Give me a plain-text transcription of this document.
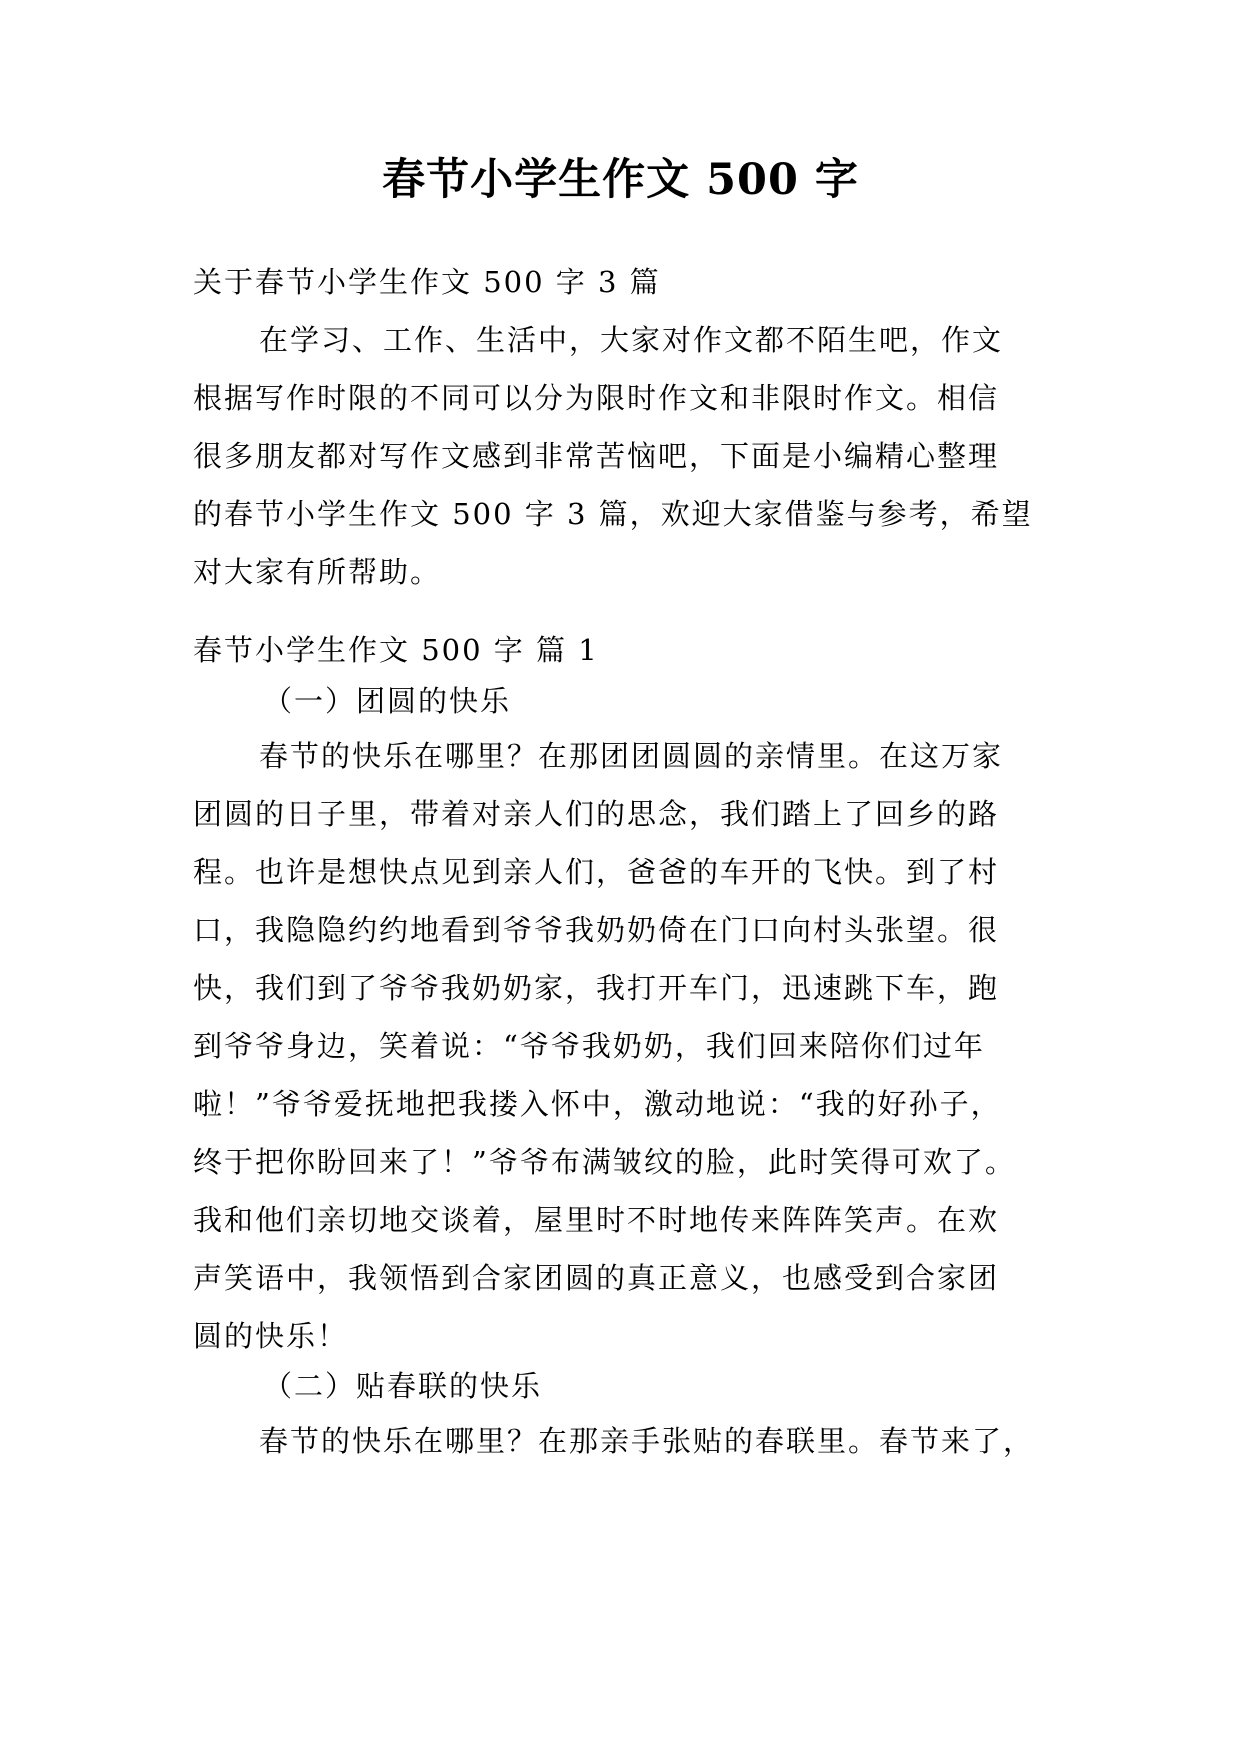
春节小学生作文 500 字
关于春节小学生作文 500 字 3 篇
在学习、工作、生活中，大家对作文都不陌生吧，作文
根据写作时限的不同可以分为限时作文和非限时作文。相信
很多朋友都对写作文感到非常苦恼吧，下面是小编精心整理
的春节小学生作文 500 字 3 篇，欢迎大家借鉴与参考，希望
对大家有所帮助。
春节小学生作文 500 字 篇 1
（一）团圆的快乐
春节的快乐在哪里？在那团团圆圆的亲情里。在这万家
团圆的日子里，带着对亲人们的思念，我们踏上了回乡的路
程。也许是想快点见到亲人们，爸爸的车开的飞快。到了村
口，我隐隐约约地看到爷爷我奶奶倚在门口向村头张望。很
快，我们到了爷爷我奶奶家，我打开车门，迅速跳下车，跑
到爷爷身边，笑着说：“爷爷我奶奶，我们回来陪你们过年
啦！”爷爷爱抚地把我搂入怀中，激动地说：“我的好孙子，
终于把你盼回来了！”爷爷布满皱纹的脸，此时笑得可欢了。
我和他们亲切地交谈着，屋里时不时地传来阵阵笑声。在欢
声笑语中，我领悟到合家团圆的真正意义，也感受到合家团
圆的快乐！
（二）贴春联的快乐
春节的快乐在哪里？在那亲手张贴的春联里。春节来了，
